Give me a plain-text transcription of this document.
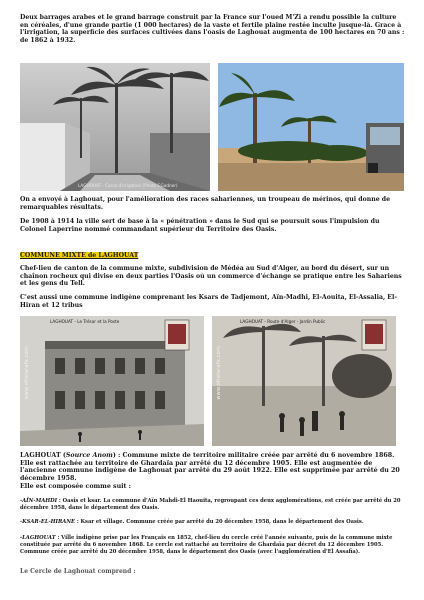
Deux barrages arabes et le grand barrage construit par la France sur l'oued M'Zi a rendu possible la culture en céréales, d'une grande partie (1 000 hectares) de la vaste et fertile plaine restée inculte jusque-là. Grace à l'irrigation, la superficie des surfaces cultivées dans l'oasis de Laghouat augmenta de 100 hectares en 70 ans : de 1862 à 1932.

LAGHOUAT - Canal d'irrigation (Photo F.Gadner)

On a envoyé à Laghouat, pour l'amélioration des races sahariennes, un troupeau de mérinos, qui donne de remarquables résultats.

De 1908 à 1914 la ville sert de base à la « pénétration » dans le Sud qui se poursuit sous l'impulsion du Colonel Laperrine nommé commandant supérieur du Territoire des Oasis.

COMMUNE MIXTE de LAGHOUAT

Chef-lieu de canton de la commune mixte, subdivision de Médéa au Sud d'Alger, au bord du désert, sur un chaînon rocheux qui divise en deux parties l'Oasis où un commerce d'échange se pratique entre les Sahariens et les gens du Tell.

C'est aussi une commune indigène comprenant les Ksars de Tadjemont, Aïn-Madhi, El-Aouita, El-Assalia, El-Hiran et 12 tribus

LAGHOUAT - Le Trésor et la Poste
www.nfrelarafe.com
LAGHOUAT - Route d'Alger - Jardin Public
www.nfrelarafe.com

LAGHOUAT (Source Anom) : Commune mixte de territoire militaire créée par arrêté du 6 novembre 1868. Elle est rattachée au territoire de Ghardaïa par arrêté du 12 décembre 1905. Elle est augmentée de l'ancienne commune indigène de Laghouat par arrêté du 29 août 1922. Elle est supprimée par arrêté du 20 décembre 1958.

Elle est composée comme suit :

-AÏN-MAHDI : Oasis et ksar. La commune d'Aïn Mahdi-El Haouita, regroupant ces deux agglomérations, est créée par arrêté du 20 décembre 1958, dans le département des Oasis.

-KSAR-EL-HIRANE : Ksar et village. Commune créée par arrêté du 20 décembre 1958, dans le département des Oasis.

-LAGHOUAT : Ville indigène prise par les Français en 1852, chef-lieu du cercle créé l'année suivante, puis de la commune mixte constituée par arrêté du 6 novembre 1868. Le cercle est rattaché au territoire de Ghardaïa par décret du 12 décembre 1905. Commune créée par arrêté du 20 décembre 1958, dans le département des Oasis (avec l'agglomération d'El Assafia).

Le Cercle de Laghouat comprend :
